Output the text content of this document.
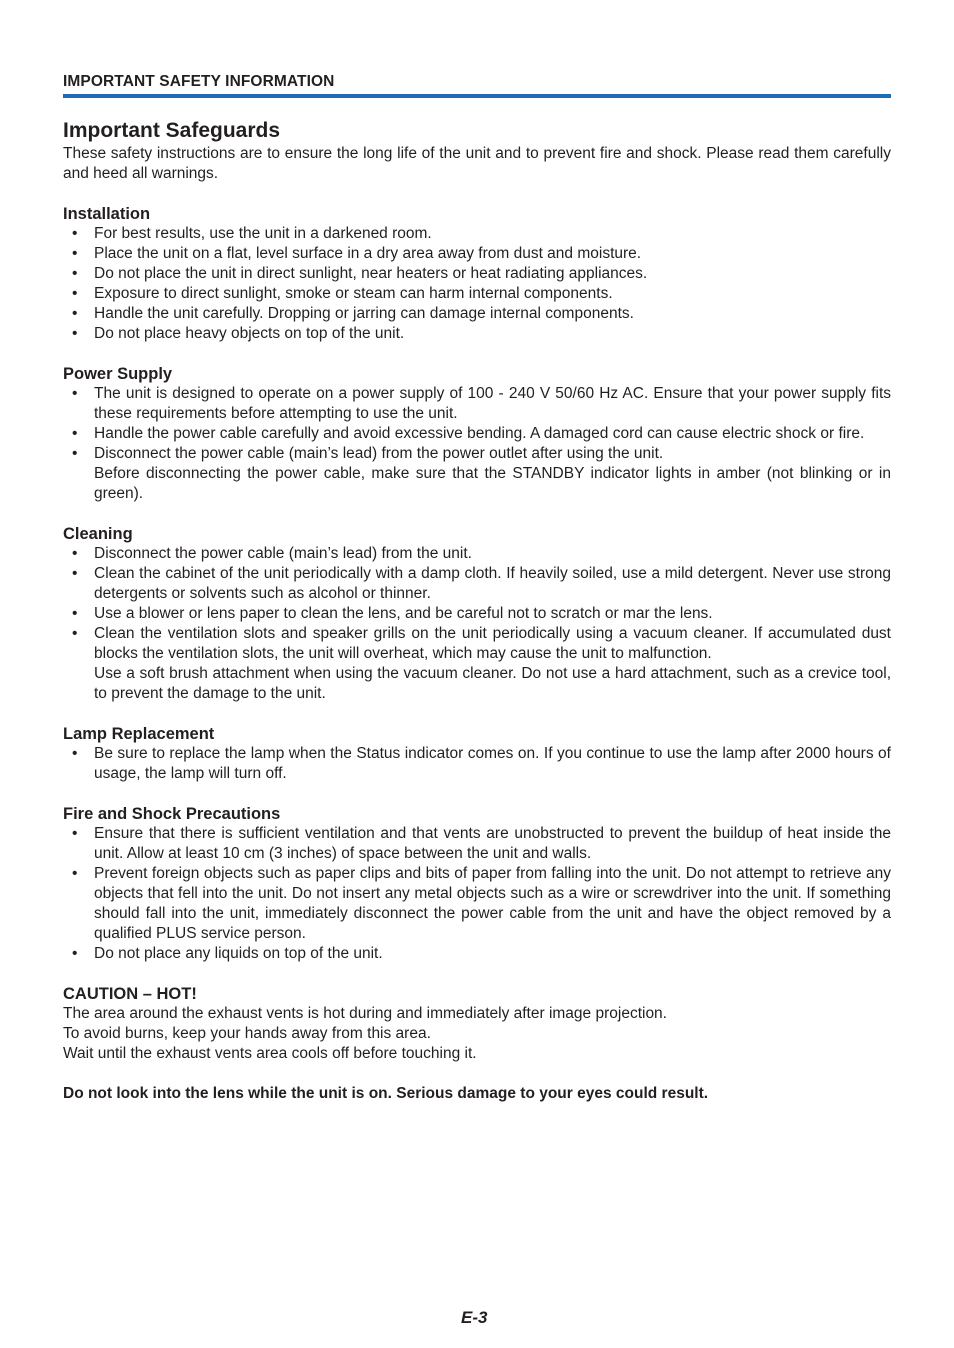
IMPORTANT SAFETY INFORMATION
Important Safeguards
These safety instructions are to ensure the long life of the unit and to prevent fire and shock. Please read them carefully and heed all warnings.
Installation
• For best results, use the unit in a darkened room.
• Place the unit on a flat, level surface in a dry area away from dust and moisture.
• Do not place the unit in direct sunlight, near heaters or heat radiating appliances.
• Exposure to direct sunlight, smoke or steam can harm internal components.
• Handle the unit carefully. Dropping or jarring can damage internal components.
• Do not place heavy objects on top of the unit.
Power Supply
• The unit is designed to operate on a power supply of 100 - 240 V 50/60 Hz AC. Ensure that your power supply fits these requirements before attempting to use the unit.
• Handle the power cable carefully and avoid excessive bending. A damaged cord can cause electric shock or fire.
• Disconnect the power cable (main’s lead) from the power outlet after using the unit.
Before disconnecting the power cable, make sure that the STANDBY indicator lights in amber (not blinking or in green).
Cleaning
• Disconnect the power cable (main’s lead) from the unit.
• Clean the cabinet of the unit periodically with a damp cloth. If heavily soiled, use a mild detergent. Never use strong detergents or solvents such as alcohol or thinner.
• Use a blower or lens paper to clean the lens, and be careful not to scratch or mar the lens.
• Clean the ventilation slots and speaker grills on the unit periodically using a vacuum cleaner. If accumulated dust blocks the ventilation slots, the unit will overheat, which may cause the unit to malfunction.
Use a soft brush attachment when using the vacuum cleaner. Do not use a hard attachment, such as a crevice tool, to prevent the damage to the unit.
Lamp Replacement
• Be sure to replace the lamp when the Status indicator comes on. If you continue to use the lamp after 2000 hours of usage, the lamp will turn off.
Fire and Shock Precautions
• Ensure that there is sufficient ventilation and that vents are unobstructed to prevent the buildup of heat inside the unit. Allow at least 10 cm (3 inches) of space between the unit and walls.
• Prevent foreign objects such as paper clips and bits of paper from falling into the unit. Do not attempt to retrieve any objects that fell into the unit. Do not insert any metal objects such as a wire or screwdriver into the unit. If something should fall into the unit, immediately disconnect the power cable from the unit and have the object removed by a qualified PLUS service person.
• Do not place any liquids on top of the unit.
CAUTION – HOT!
The area around the exhaust vents is hot during and immediately after image projection.
To avoid burns, keep your hands away from this area.
Wait until the exhaust vents area cools off before touching it.
Do not look into the lens while the unit is on. Serious damage to your eyes could result.
E-3
